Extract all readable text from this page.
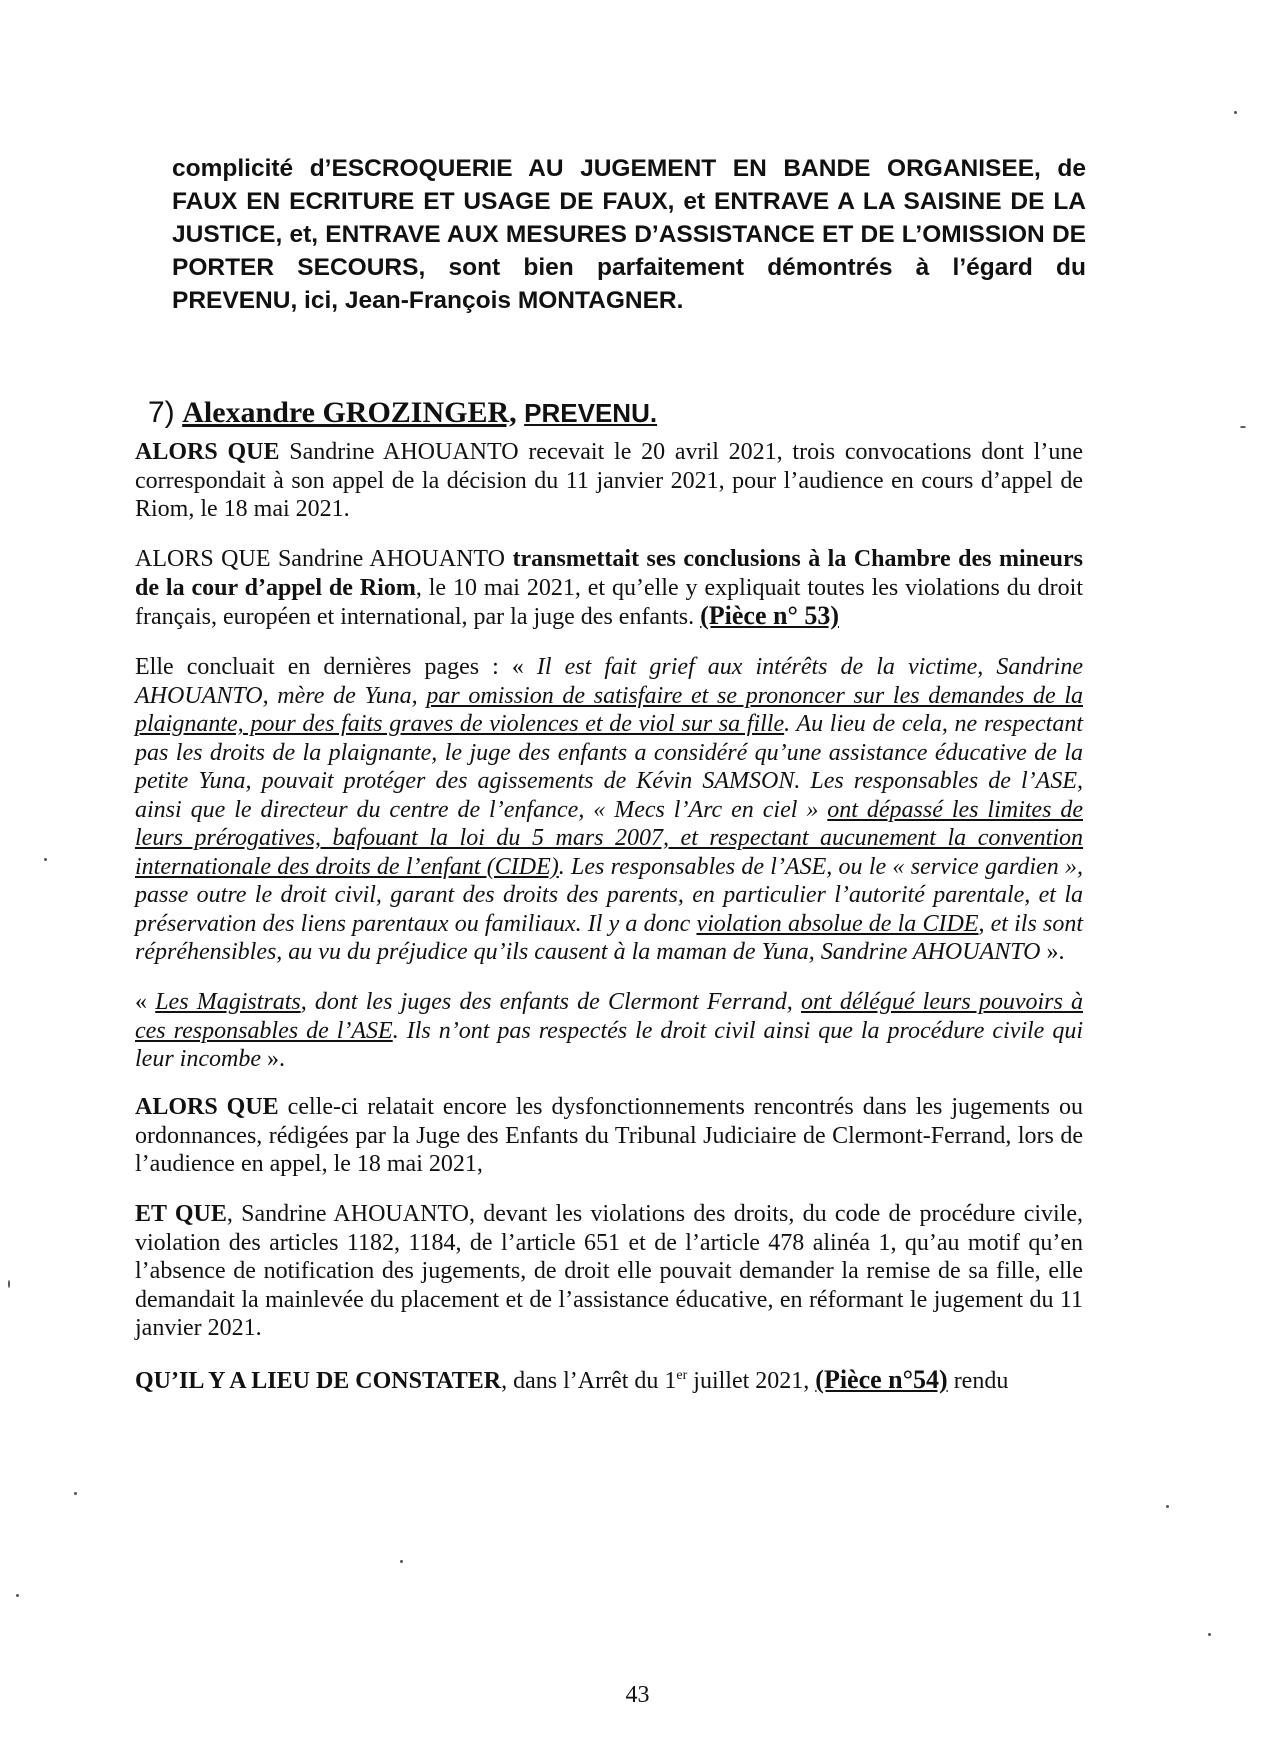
complicité d’ESCROQUERIE AU JUGEMENT EN BANDE ORGANISEE, de FAUX EN ECRITURE ET USAGE DE FAUX, et ENTRAVE A LA SAISINE DE LA JUSTICE, et, ENTRAVE AUX MESURES D’ASSISTANCE ET DE L’OMISSION DE PORTER SECOURS, sont bien parfaitement démontrés à l’égard du PREVENU, ici, Jean-François MONTAGNER.
7) Alexandre GROZINGER, PREVENU.

ALORS QUE Sandrine AHOUANTO recevait le 20 avril 2021, trois convocations dont l’une correspondait à son appel de la décision du 11 janvier 2021, pour l’audience en cours d’appel de Riom, le 18 mai 2021.

ALORS QUE Sandrine AHOUANTO transmettait ses conclusions à la Chambre des mineurs de la cour d’appel de Riom, le 10 mai 2021, et qu’elle y expliquait toutes les violations du droit français, européen et international, par la juge des enfants. (Pièce n° 53)

Elle concluait en dernières pages : « Il est fait grief aux intérêts de la victime, Sandrine AHOUANTO, mère de Yuna, par omission de satisfaire et se prononcer sur les demandes de la plaignante, pour des faits graves de violences et de viol sur sa fille. Au lieu de cela, ne respectant pas les droits de la plaignante, le juge des enfants a considéré qu’une assistance éducative de la petite Yuna, pouvait protéger des agissements de Kévin SAMSON. Les responsables de l’ASE, ainsi que le directeur du centre de l’enfance, « Mecs l’Arc en ciel » ont dépassé les limites de leurs prérogatives, bafouant la loi du 5 mars 2007, et respectant aucunement la convention internationale des droits de l’enfant (CIDE). Les responsables de l’ASE, ou le « service gardien », passe outre le droit civil, garant des droits des parents, en particulier l’autorité parentale, et la préservation des liens parentaux ou familiaux. Il y a donc violation absolue de la CIDE, et ils sont répréhensibles, au vu du préjudice qu’ils causent à la maman de Yuna, Sandrine AHOUANTO ».

« Les Magistrats, dont les juges des enfants de Clermont Ferrand, ont délégué leurs pouvoirs à ces responsables de l’ASE. Ils n’ont pas respectés le droit civil ainsi que la procédure civile qui leur incombe ».

ALORS QUE celle-ci relatait encore les dysfonctionnements rencontrés dans les jugements ou ordonnances, rédigées par la Juge des Enfants du Tribunal Judiciaire de Clermont-Ferrand, lors de l’audience en appel, le 18 mai 2021,

ET QUE, Sandrine AHOUANTO, devant les violations des droits, du code de procédure civile, violation des articles 1182, 1184, de l’article 651 et de l’article 478 alinéa 1, qu’au motif qu’en l’absence de notification des jugements, de droit elle pouvait demander la remise de sa fille, elle demandait la mainlevée du placement et de l’assistance éducative, en réformant le jugement du 11 janvier 2021.

QU’IL Y A LIEU DE CONSTATER, dans l’Arrêt du 1er juillet 2021, (Pièce n°54) rendu

43
